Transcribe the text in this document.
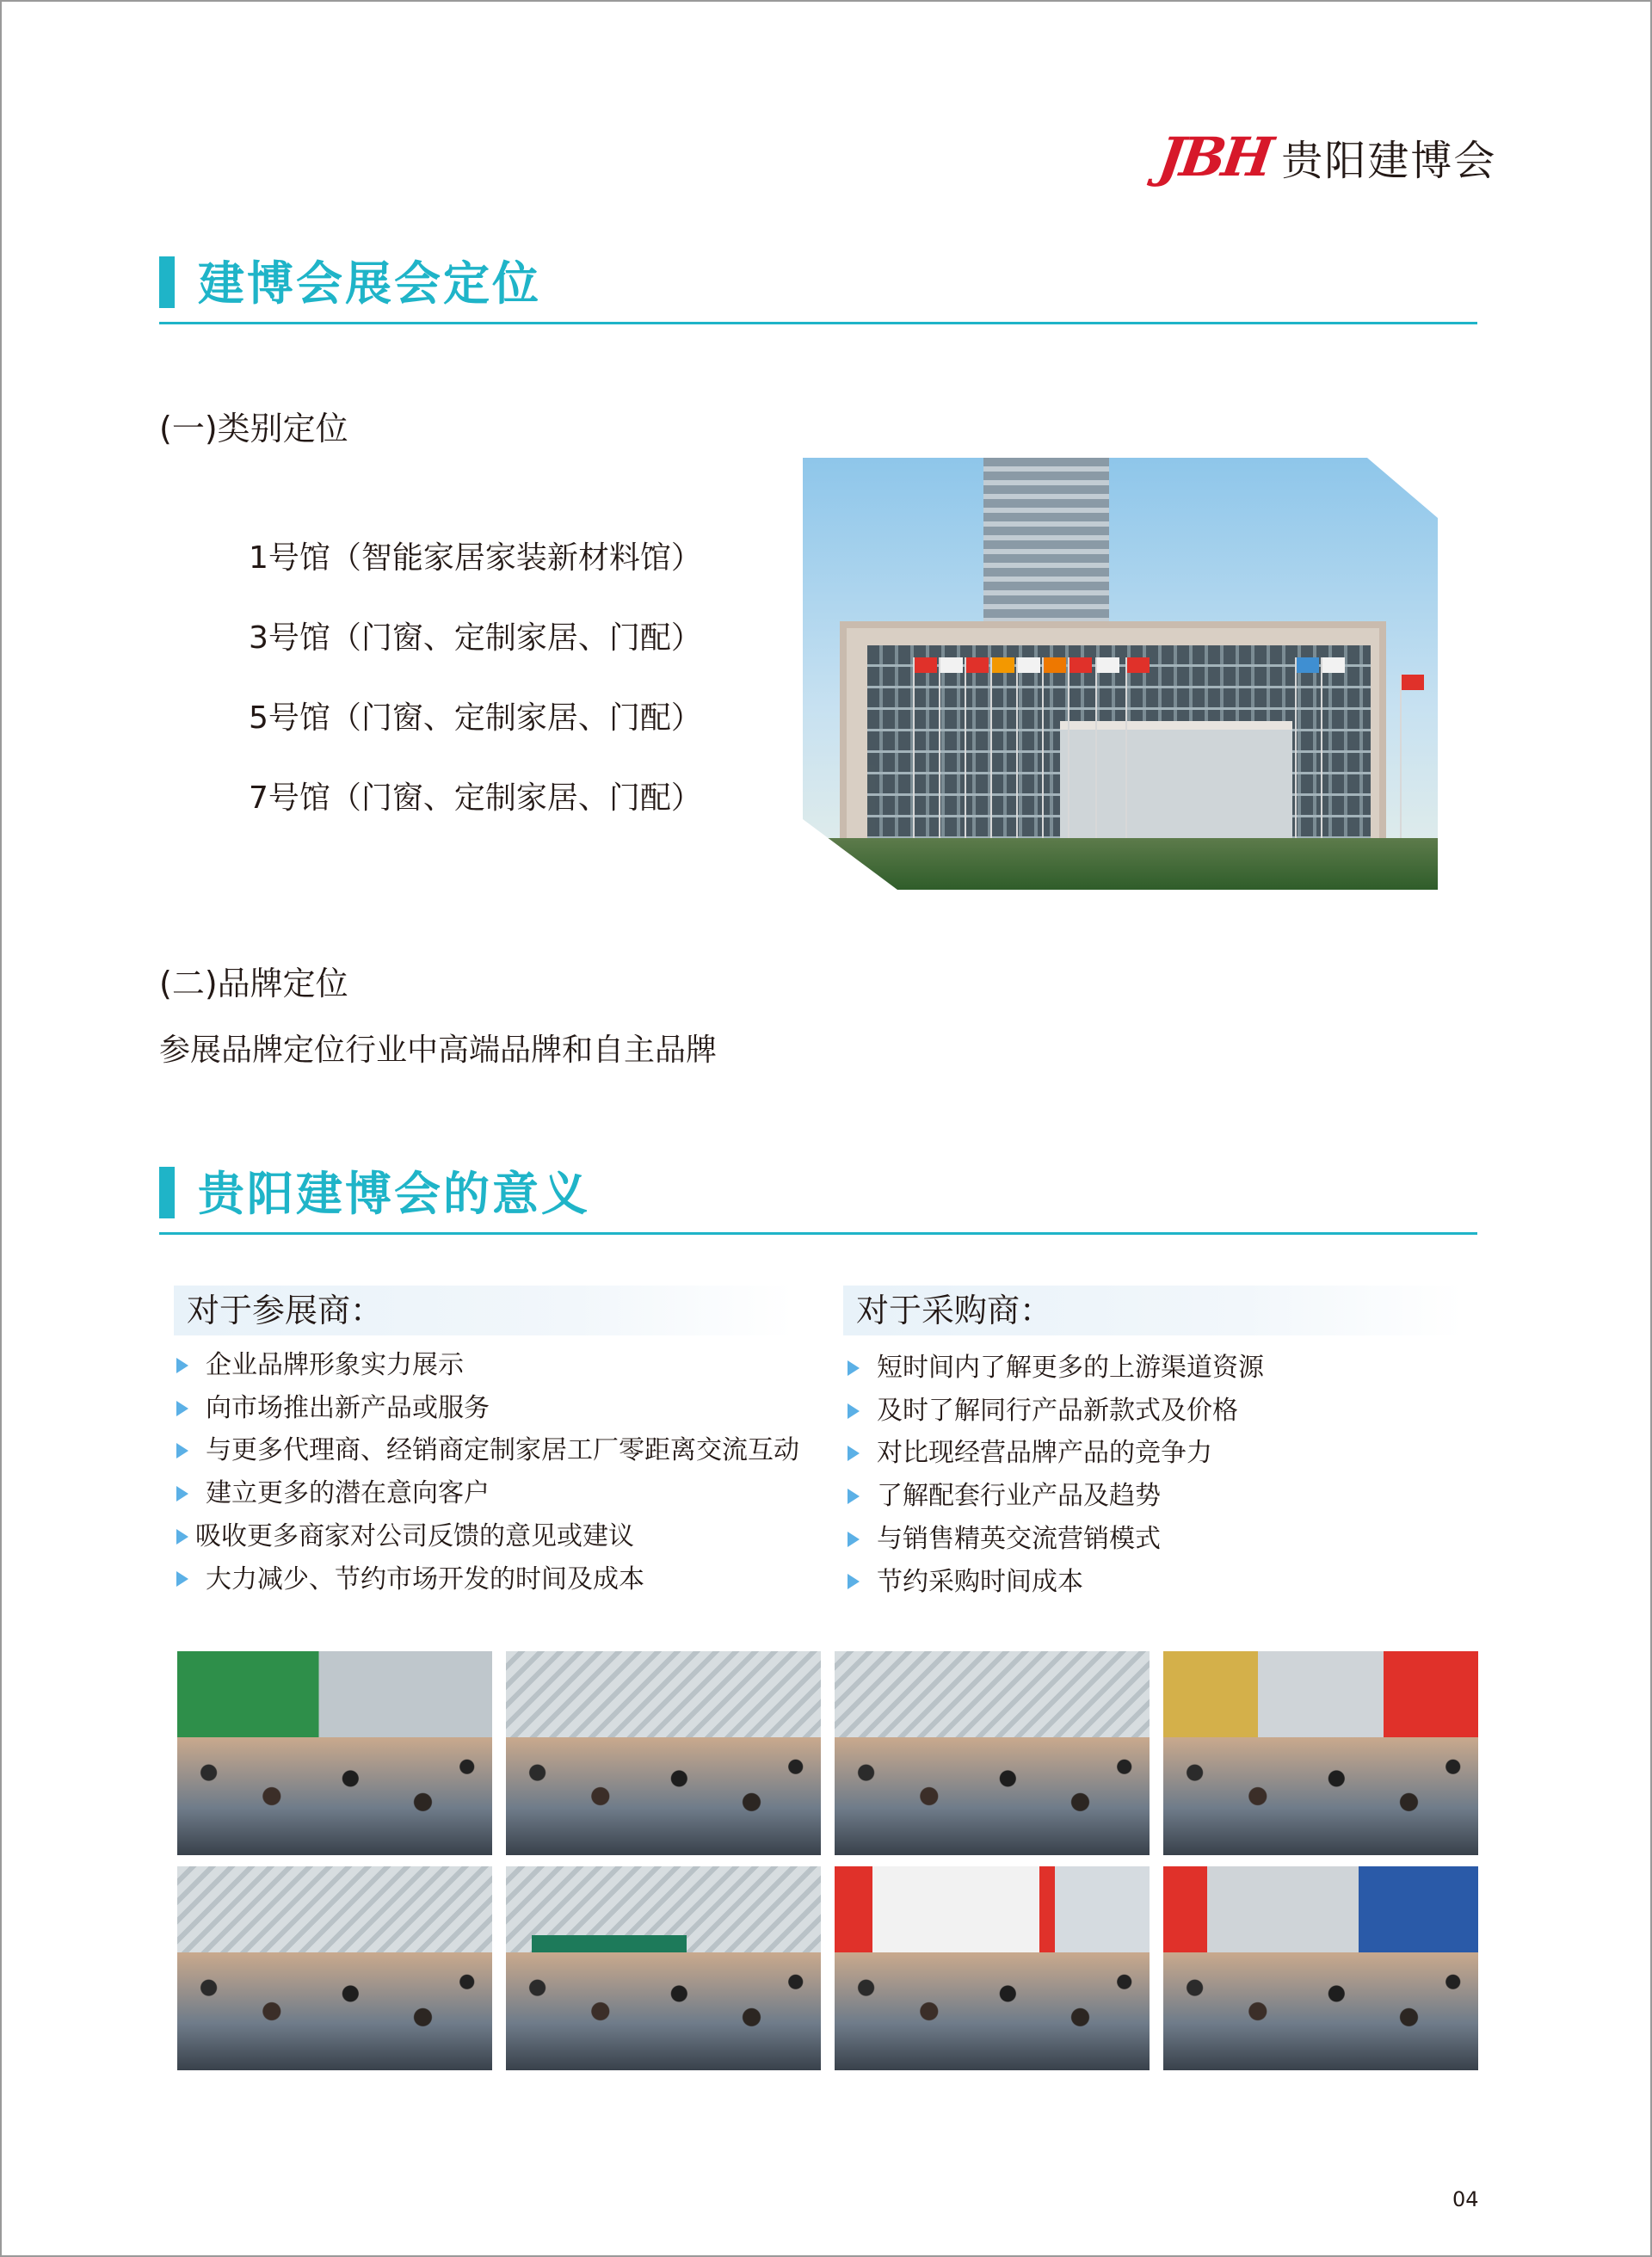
JBH 贵阳建博会
建博会展会定位
(一)类别定位
1号馆（智能家居家装新材料馆）
3号馆（门窗、定制家居、门配）
5号馆（门窗、定制家居、门配）
7号馆（门窗、定制家居、门配）
(二)品牌定位
参展品牌定位行业中高端品牌和自主品牌
贵阳建博会的意义
对于参展商：
企业品牌形象实力展示
向市场推出新产品或服务
与更多代理商、经销商定制家居工厂零距离交流互动
建立更多的潜在意向客户
吸收更多商家对公司反馈的意见或建议
大力减少、节约市场开发的时间及成本
对于采购商：
短时间内了解更多的上游渠道资源
及时了解同行产品新款式及价格
对比现经营品牌产品的竞争力
了解配套行业产品及趋势
与销售精英交流营销模式
节约采购时间成本
04
